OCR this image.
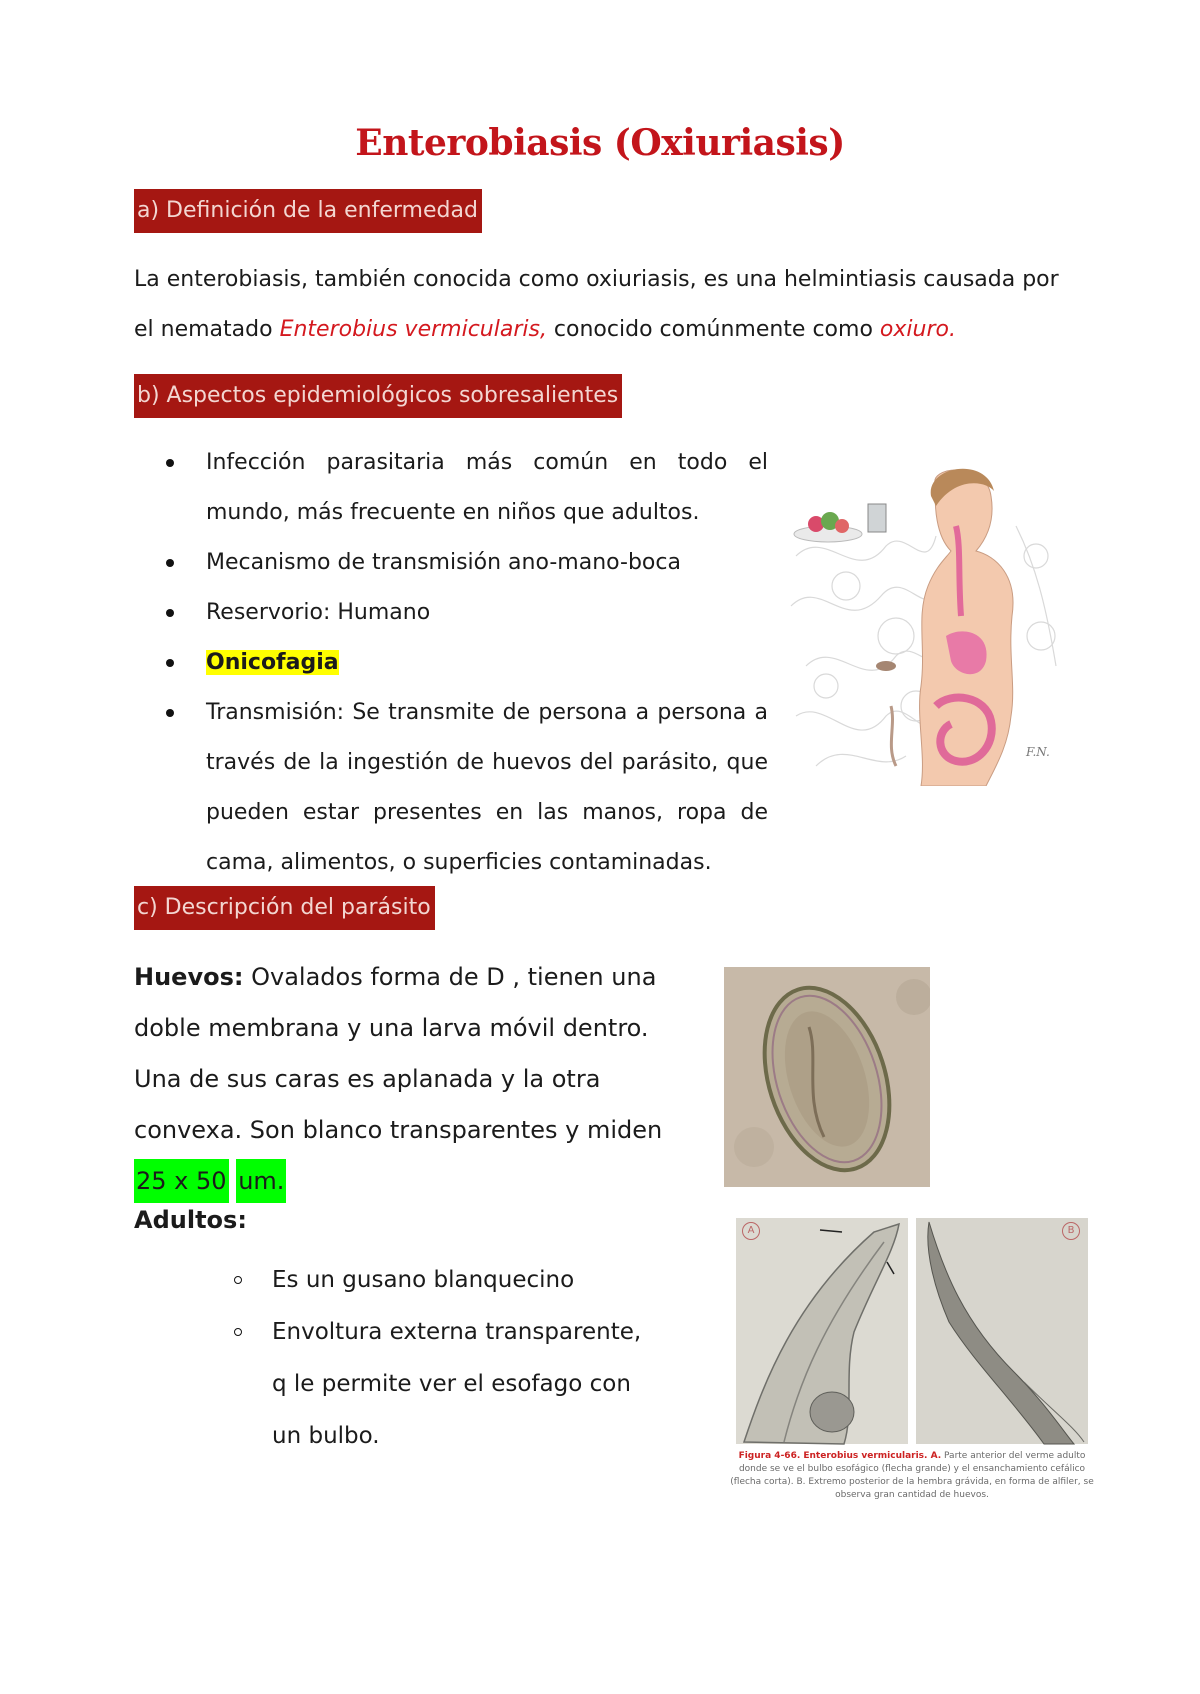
Enterobiasis (Oxiuriasis)
a) Definición de la enfermedad
La enterobiasis, también conocida como oxiuriasis, es una helmintiasis causada por
el nematado Enterobius vermicularis, conocido comúnmente como oxiuro.
b) Aspectos epidemiológicos sobresalientes
Infección parasitaria más común en todo el mundo, más frecuente en niños que adultos.
Mecanismo de transmisión ano-mano-boca
Reservorio: Humano
Onicofagia
Transmisión: Se transmite de persona a persona a través de la ingestión de huevos del parásito, que pueden estar presentes en las manos, ropa de cama, alimentos, o superficies contaminadas.
F.N.
c) Descripción del parásito
Huevos: Ovalados forma de D , tienen una doble membrana y una larva móvil dentro. Una de sus caras es aplanada y la otra convexa. Son blanco transparentes y miden 25 x 50 um.
Adultos:
Es un gusano blanquecino
Envoltura externa transparente, q le permite ver el esofago con un bulbo.
A	B
Figura 4-66. Enterobius vermicularis. A. Parte anterior del verme adulto donde se ve el bulbo esofágico (flecha grande) y el ensanchamiento cefálico (flecha corta). B. Extremo posterior de la hembra grávida, en forma de alfiler, se observa gran cantidad de huevos.
